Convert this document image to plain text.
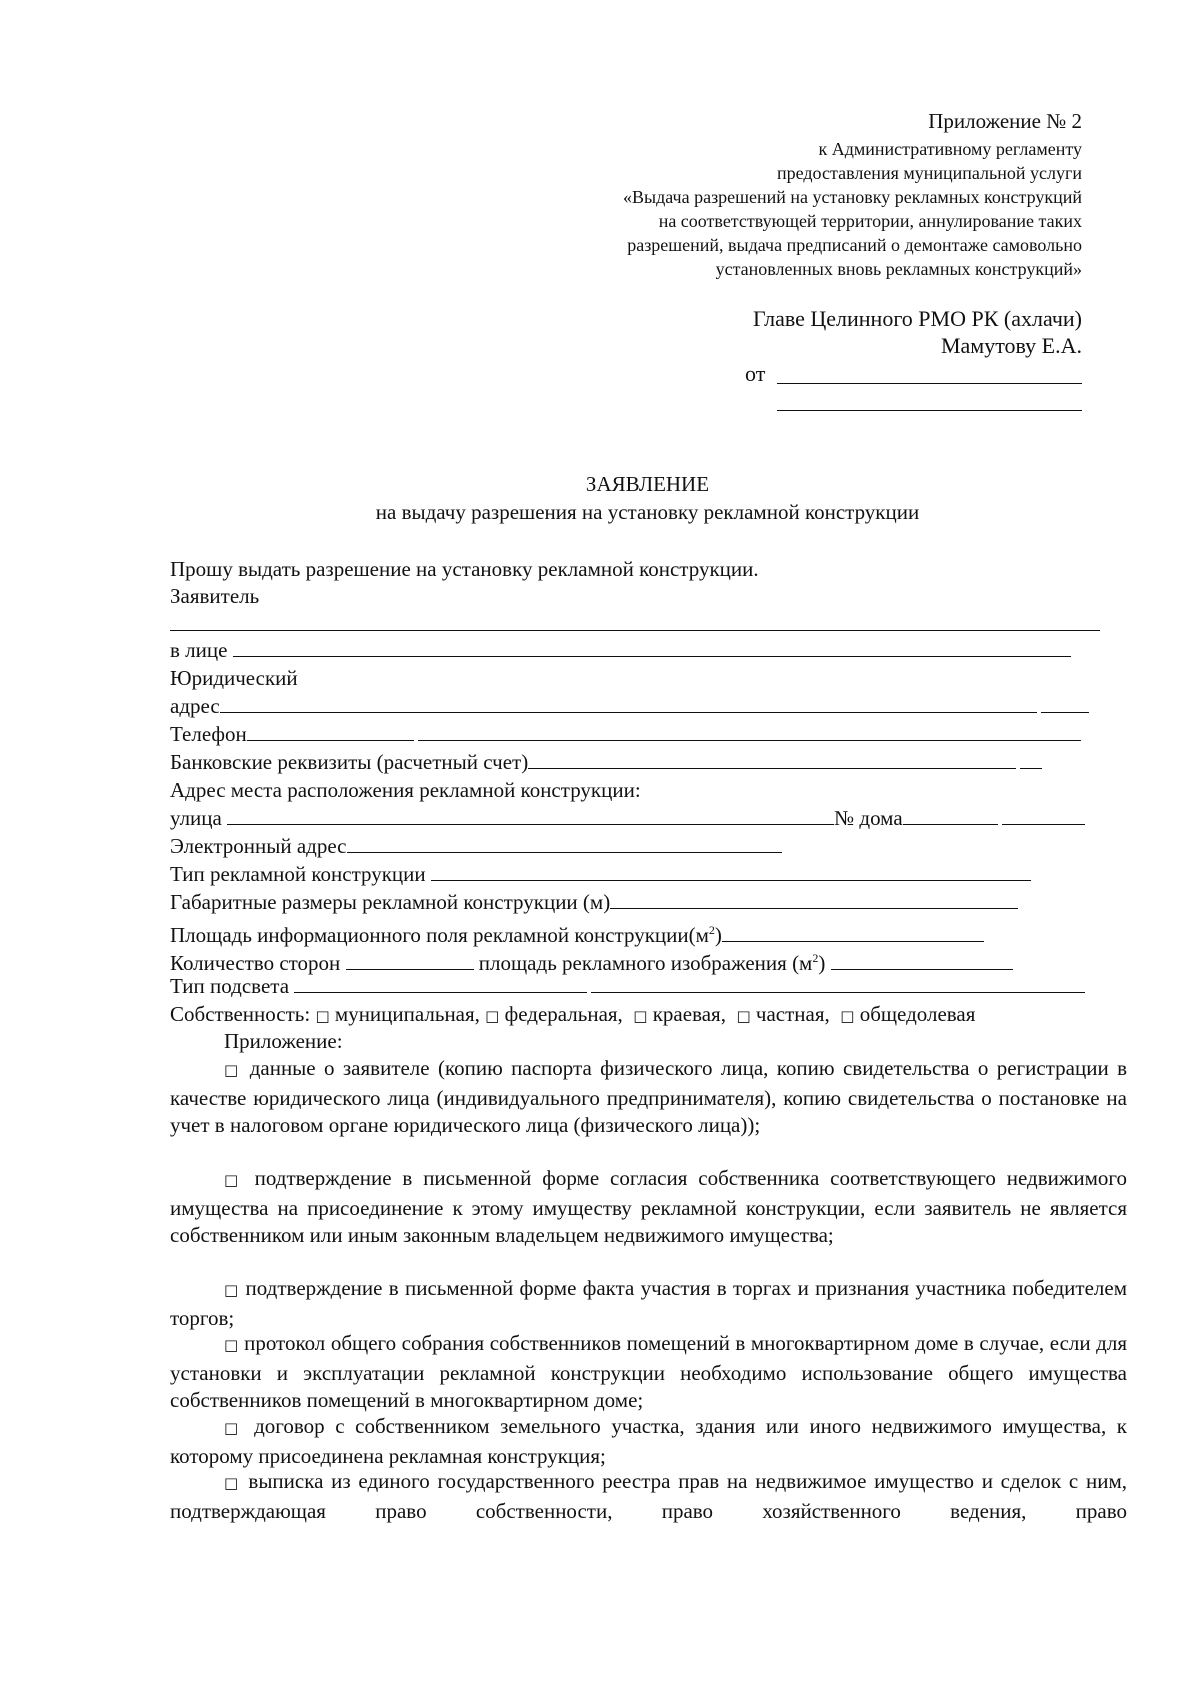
Приложение № 2
к Административному регламенту
предоставления муниципальной услуги
«Выдача разрешений на установку рекламных конструкций
на соответствующей территории, аннулирование таких
разрешений, выдача предписаний о демонтаже самовольно
установленных вновь рекламных конструкций»
Главе Целинного РМО РК (ахлачи)
Мамутову Е.А.
от
ЗАЯВЛЕНИЕ
на выдачу разрешения на установку рекламной конструкции
Прошу выдать разрешение на установку рекламной конструкции.
Заявитель
в лице
Юридический
адрес
Телефон
Банковские реквизиты (расчетный счет)
Адрес места расположения рекламной конструкции:
улица	№ дома
Электронный адрес
Тип рекламной конструкции
Габаритные размеры рекламной конструкции (м)
Площадь информационного поля рекламной $конструкции(м^2)$
Количество сторон	площадь рекламного изображения $(м^2)$
Тип подсвета
Собственность: □ муниципальная, □ федеральная, □ краевая, □ частная, □ общедолевая
Приложение:
□ данные о заявителе (копию паспорта физического лица, копию свидетельства о регистрации в качестве юридического лица (индивидуального предпринимателя), копию свидетельства о постановке на учет в налоговом органе юридического лица (физического лица));
□ подтверждение в письменной форме согласия собственника соответствующего недвижимого имущества на присоединение к этому имуществу рекламной конструкции, если заявитель не является собственником или иным законным владельцем недвижимого имущества;
□ подтверждение в письменной форме факта участия в торгах и признания участника победителем торгов;
□ протокол общего собрания собственников помещений в многоквартирном доме в случае, если для установки и эксплуатации рекламной конструкции необходимо использование общего имущества собственников помещений в многоквартирном доме;
□ договор с собственником земельного участка, здания или иного недвижимого имущества, к которому присоединена рекламная конструкция;
□ выписка из единого государственного реестра прав на недвижимое имущество и сделок с ним, подтверждающая право собственности, право хозяйственного ведения, право
